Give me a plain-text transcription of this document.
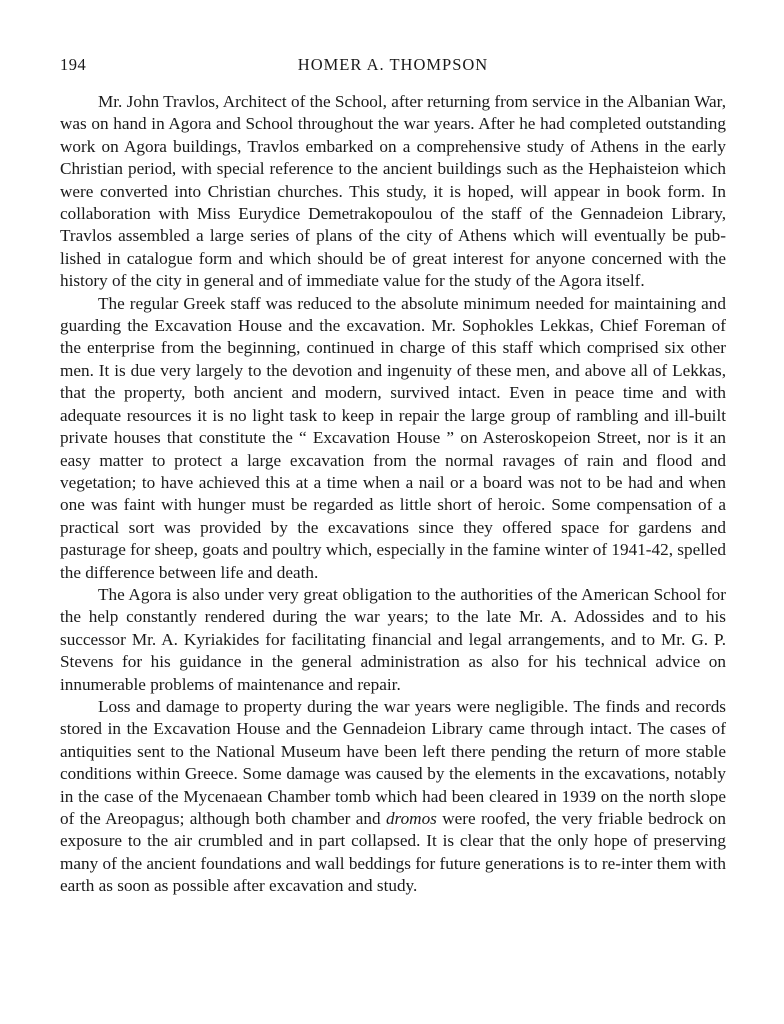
194	HOMER A. THOMPSON

Mr. John Travlos, Architect of the School, after returning from service in the Albanian War, was on hand in Agora and School throughout the war years. After he had completed outstanding work on Agora buildings, Travlos embarked on a comprehensive study of Athens in the early Christian period, with special reference to the ancient buildings such as the Hephaisteion which were converted into Christian churches. This study, it is hoped, will appear in book form. In collaboration with Miss Eurydice Demetrakopoulou of the staff of the Gennadeion Library, Travlos assembled a large series of plans of the city of Athens which will eventually be published in catalogue form and which should be of great interest for anyone concerned with the history of the city in general and of immediate value for the study of the Agora itself.

The regular Greek staff was reduced to the absolute minimum needed for maintaining and guarding the Excavation House and the excavation. Mr. Sophokles Lekkas, Chief Foreman of the enterprise from the beginning, continued in charge of this staff which comprised six other men. It is due very largely to the devotion and ingenuity of these men, and above all of Lekkas, that the property, both ancient and modern, survived intact. Even in peace time and with adequate resources it is no light task to keep in repair the large group of rambling and ill-built private houses that constitute the “ Excavation House ” on Asteroskopeion Street, nor is it an easy matter to protect a large excavation from the normal ravages of rain and flood and vegetation; to have achieved this at a time when a nail or a board was not to be had and when one was faint with hunger must be regarded as little short of heroic. Some compensation of a practical sort was provided by the excavations since they offered space for gardens and pasturage for sheep, goats and poultry which, especially in the famine winter of 1941-42, spelled the difference between life and death.

The Agora is also under very great obligation to the authorities of the American School for the help constantly rendered during the war years; to the late Mr. A. Adossides and to his successor Mr. A. Kyriakides for facilitating financial and legal arrangements, and to Mr. G. P. Stevens for his guidance in the general administration as also for his technical advice on innumerable problems of maintenance and repair.

Loss and damage to property during the war years were negligible. The finds and records stored in the Excavation House and the Gennadeion Library came through intact. The cases of antiquities sent to the National Museum have been left there pending the return of more stable conditions within Greece. Some damage was caused by the elements in the excavations, notably in the case of the Mycenaean Chamber tomb which had been cleared in 1939 on the north slope of the Areopagus; although both chamber and dromos were roofed, the very friable bedrock on exposure to the air crumbled and in part collapsed. It is clear that the only hope of preserving many of the ancient foundations and wall beddings for future generations is to re-inter them with earth as soon as possible after excavation and study.
